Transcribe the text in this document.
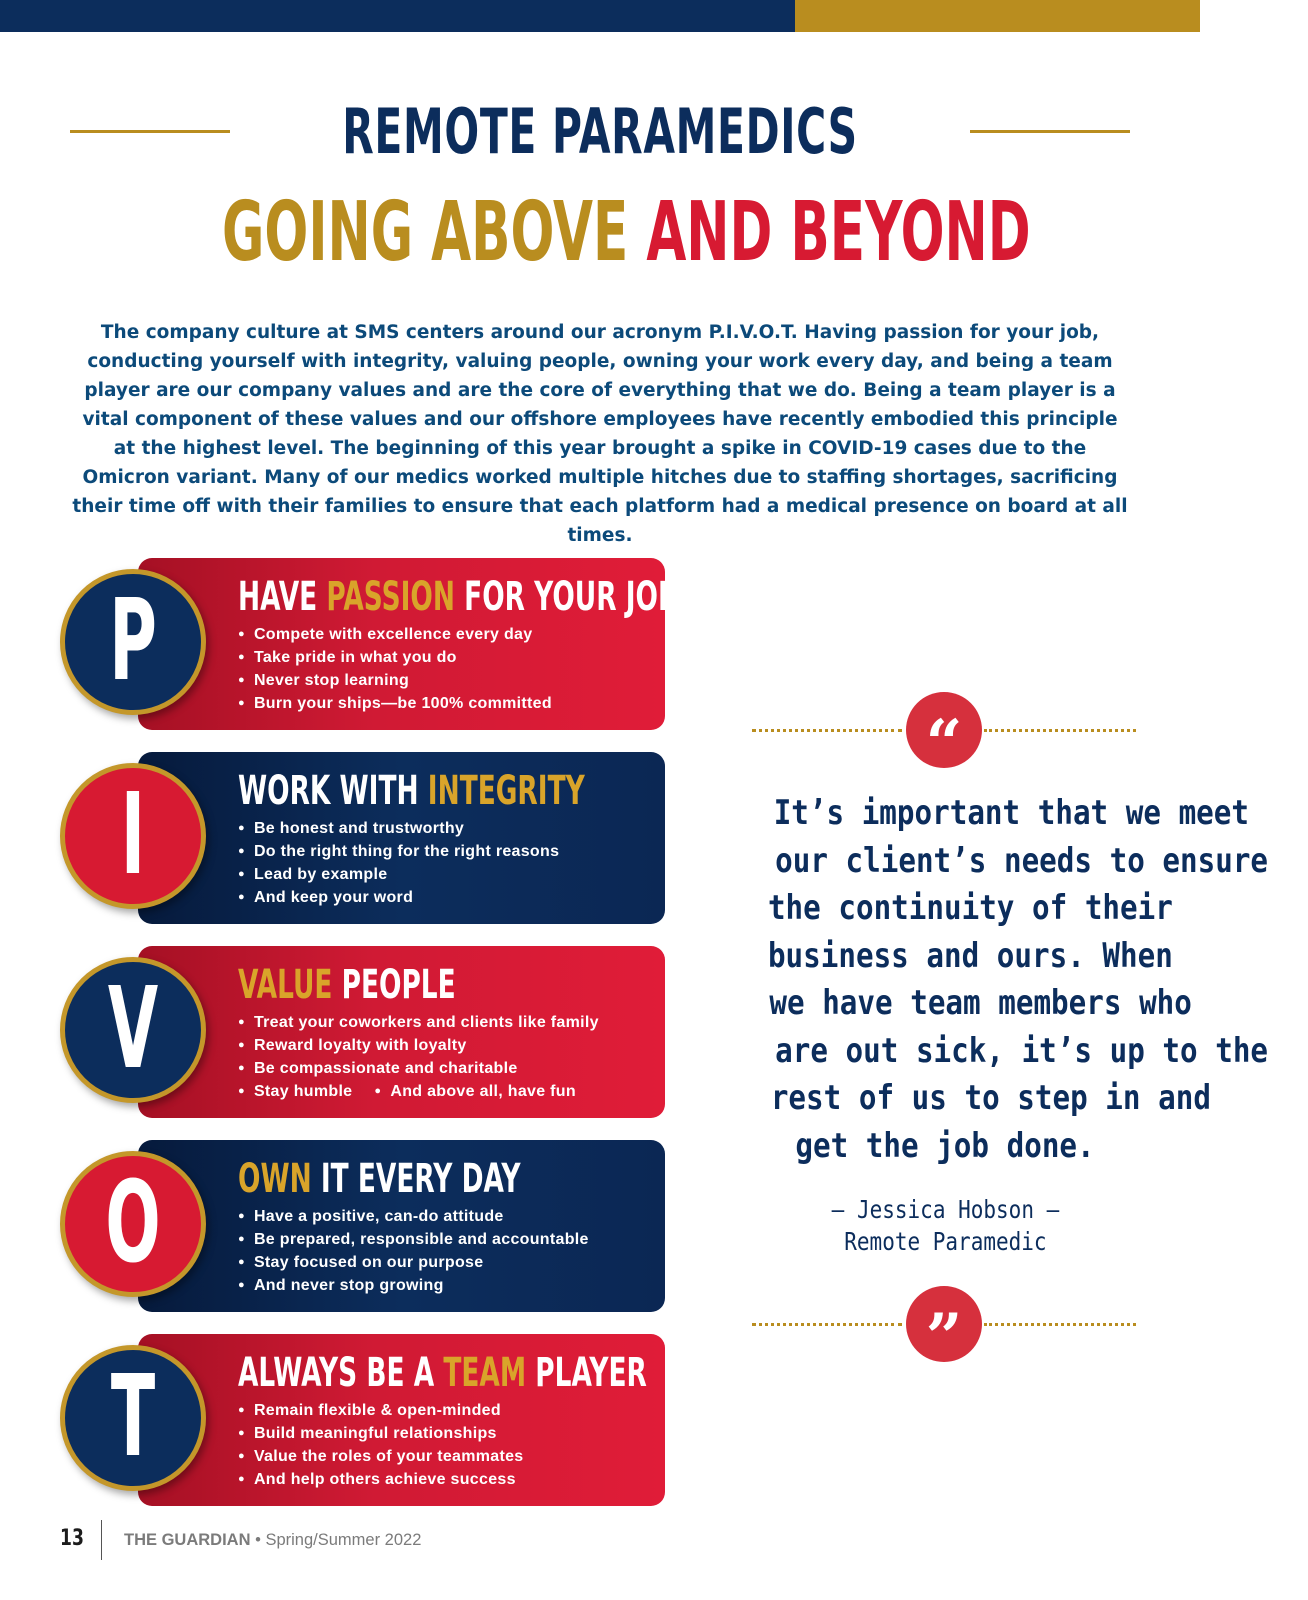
REMOTE PARAMEDICS
GOING ABOVE AND BEYOND
The company culture at SMS centers around our acronym P.I.V.O.T. Having passion for your job, conducting yourself with integrity, valuing people, owning your work every day, and being a team player are our company values and are the core of everything that we do. Being a team player is a vital component of these values and our offshore employees have recently embodied this principle at the highest level. The beginning of this year brought a spike in COVID-19 cases due to the Omicron variant. Many of our medics worked multiple hitches due to staffing shortages, sacrificing their time off with their families to ensure that each platform had a medical presence on board at all times.
P	HAVE PASSION FOR YOUR JOB
● Compete with excellence every day
● Take pride in what you do
● Never stop learning
● Burn your ships—be 100% committed
I	WORK WITH INTEGRITY
● Be honest and trustworthy
● Do the right thing for the right reasons
● Lead by example
● And keep your word
V	VALUE PEOPLE
● Treat your coworkers and clients like family
● Reward loyalty with loyalty
● Be compassionate and charitable
● Stay humble● And above all, have fun
O OWN IT EVERY DAY
● Have a positive, can-do attitude
● Be prepared, responsible and accountable
● Stay focused on our purpose
● And never stop growing
T	ALWAYS BE A TEAM PLAYER
● Remain flexible & open-minded
● Build meaningful relationships
● Value the roles of your teammates
● And help others achieve success
“
It’s important that we meet
our client’s needs to ensure
the continuity of their
business and ours. When
we have team members who
are out sick, it’s up to the
rest of us to step in and
get the job done.
— Jessica Hobson —
Remote Paramedic
”
13 THE GUARDIAN • Spring/Summer 2022
